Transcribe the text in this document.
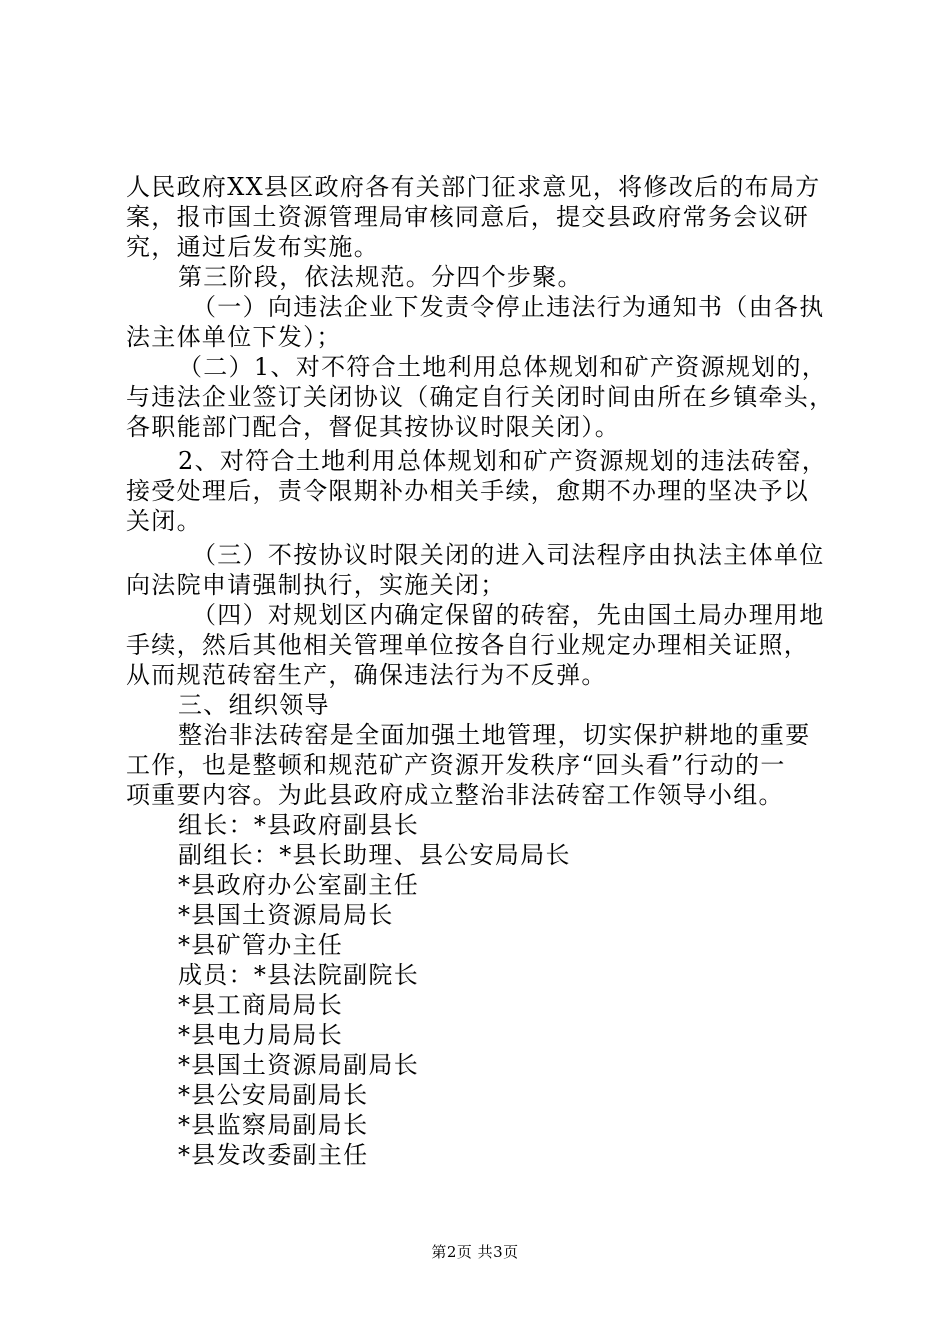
人民政府XX县区政府各有关部门征求意见，将修改后的布局方
案，报市国土资源管理局审核同意后，提交县政府常务会议研
究，通过后发布实施。
第三阶段，依法规范。分四个步聚。
（一）向违法企业下发责令停止违法行为通知书（由各执
法主体单位下发）；
（二）1、对不符合土地利用总体规划和矿产资源规划的，
与违法企业签订关闭协议（确定自行关闭时间由所在乡镇牵头，
各职能部门配合，督促其按协议时限关闭）。
2、对符合土地利用总体规划和矿产资源规划的违法砖窑，
接受处理后，责令限期补办相关手续，愈期不办理的坚决予以
关闭。
（三）不按协议时限关闭的进入司法程序由执法主体单位
向法院申请强制执行，实施关闭；
（四）对规划区内确定保留的砖窑，先由国土局办理用地
手续，然后其他相关管理单位按各自行业规定办理相关证照，
从而规范砖窑生产，确保违法行为不反弹。
三、组织领导
整治非法砖窑是全面加强土地管理，切实保护耕地的重要
工作，也是整顿和规范矿产资源开发秩序“回头看”行动的一
项重要内容。为此县政府成立整治非法砖窑工作领导小组。
组长：*县政府副县长
副组长：*县长助理、县公安局局长
*县政府办公室副主任
*县国土资源局局长
*县矿管办主任
成员：*县法院副院长
*县工商局局长
*县电力局局长
*县国土资源局副局长
*县公安局副局长
*县监察局副局长
*县发改委副主任
第2页 共3页
